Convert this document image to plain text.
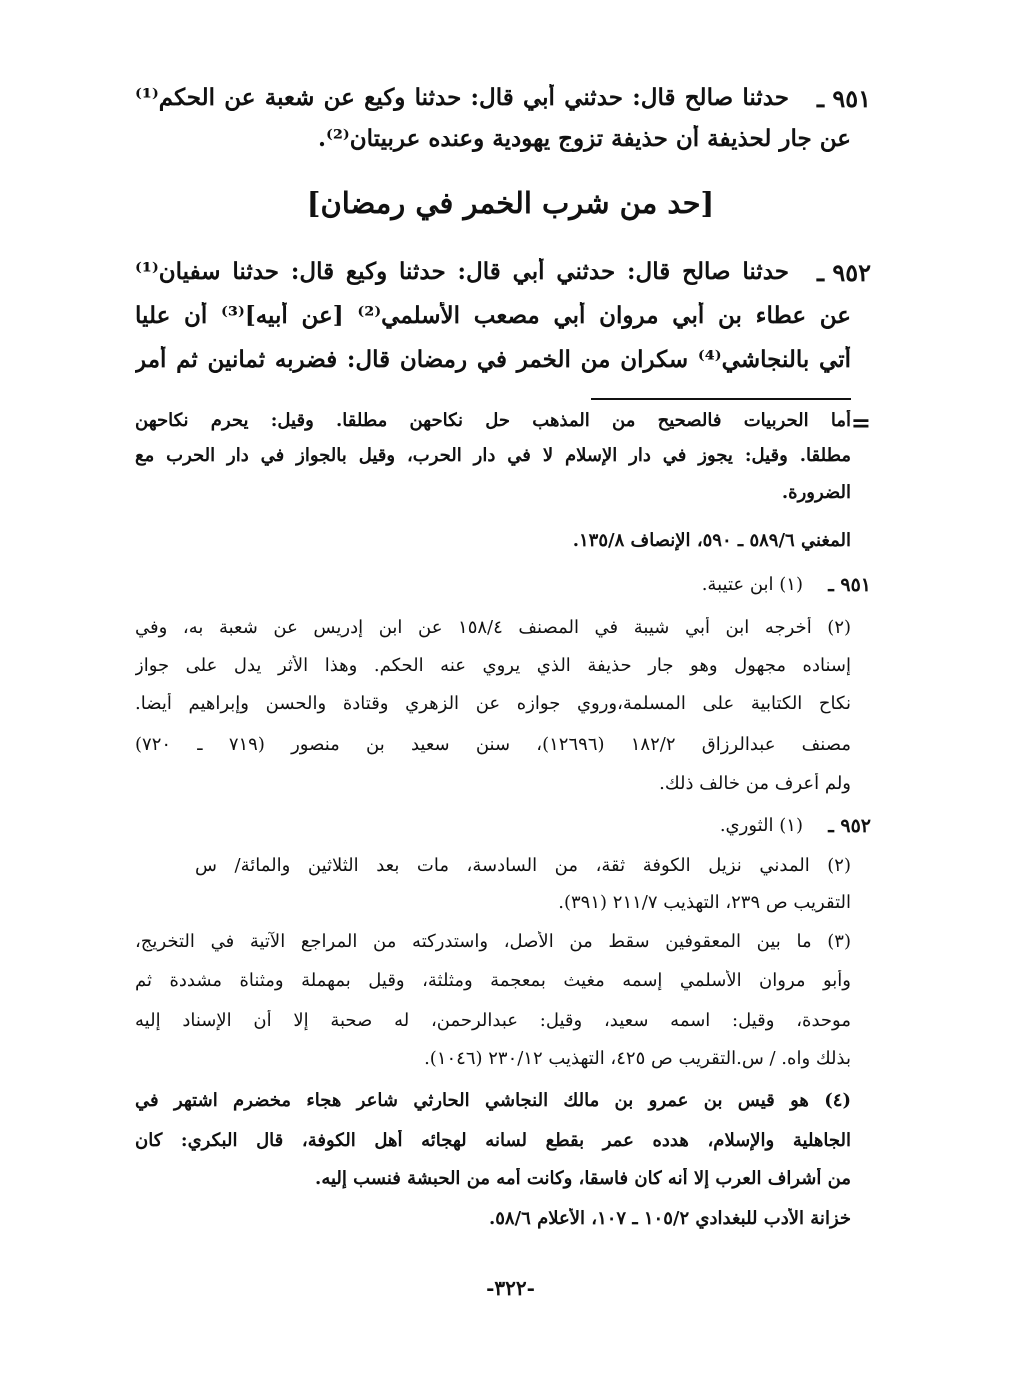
٩٥١ ـ
حدثنا صالح قال: حدثني أبي قال: حدثنا وكيع عن شعبة عن الحكم⁽¹⁾
عن جار لحذيفة أن حذيفة تزوج يهودية وعنده عربيتان⁽²⁾.
[حد من شرب الخمر في رمضان]
٩٥٢ ـ
حدثنا صالح قال: حدثني أبي قال: حدثنا وكيع قال: حدثنا سفيان⁽¹⁾
عن عطاء بن أبي مروان أبي مصعب الأسلمي⁽²⁾ [عن أبيه]⁽³⁾ أن عليا
أتي بالنجاشي⁽⁴⁾ سكران من الخمر في رمضان قال: فضربه ثمانين ثم أمر
=
أما الحربيات فالصحيح من المذهب حل نكاحهن مطلقا. وقيل: يحرم نكاحهن
مطلقا. وقيل: يجوز في دار الإسلام لا في دار الحرب، وقيل بالجواز في دار الحرب مع
الضرورة.
المغني ٥٨٩/٦ ـ ٥٩٠، الإنصاف ١٣٥/٨.
٩٥١ ـ
(١) ابن عتيبة.
(٢) أخرجه ابن أبي شيبة في المصنف ١٥٨/٤ عن ابن إدريس عن شعبة به، وفي
إسناده مجهول وهو جار حذيفة الذي يروي عنه الحكم. وهذا الأثر يدل على جواز
نكاح الكتابية على المسلمة،وروي جوازه عن الزهري وقتادة والحسن وإبراهيم أيضا.
مصنف عبدالرزاق ١٨٢/٢ (١٢٦٩٦)، سنن سعيد بن منصور (٧١٩ ـ ٧٢٠)
ولم أعرف من خالف ذلك.
٩٥٢ ـ
(١) الثوري.
(٢) المدني نزيل الكوفة ثقة، من السادسة، مات بعد الثلاثين والمائة/ س
التقريب ص ٢٣٩، التهذيب ٢١١/٧ (٣٩١).
(٣) ما بين المعقوفين سقط من الأصل، واستدركته من المراجع الآتية في التخريج،
وأبو مروان الأسلمي إسمه مغيث بمعجمة ومثلثة، وقيل بمهملة ومثناة مشددة ثم
موحدة، وقيل: اسمه سعيد، وقيل: عبدالرحمن، له صحبة إلا أن الإسناد إليه
بذلك واه. / س.التقريب ص ٤٢٥، التهذيب ٢٣٠/١٢ (١٠٤٦).
(٤) هو قيس بن عمرو بن مالك النجاشي الحارثي شاعر هجاء مخضرم اشتهر في
الجاهلية والإسلام، هدده عمر بقطع لسانه لهجائه أهل الكوفة، قال البكري: كان
من أشراف العرب إلا أنه كان فاسقا، وكانت أمه من الحبشة فنسب إليه.
خزانة الأدب للبغدادي ١٠٥/٢ ـ ١٠٧، الأعلام ٥٨/٦.
-٣٢٢-
